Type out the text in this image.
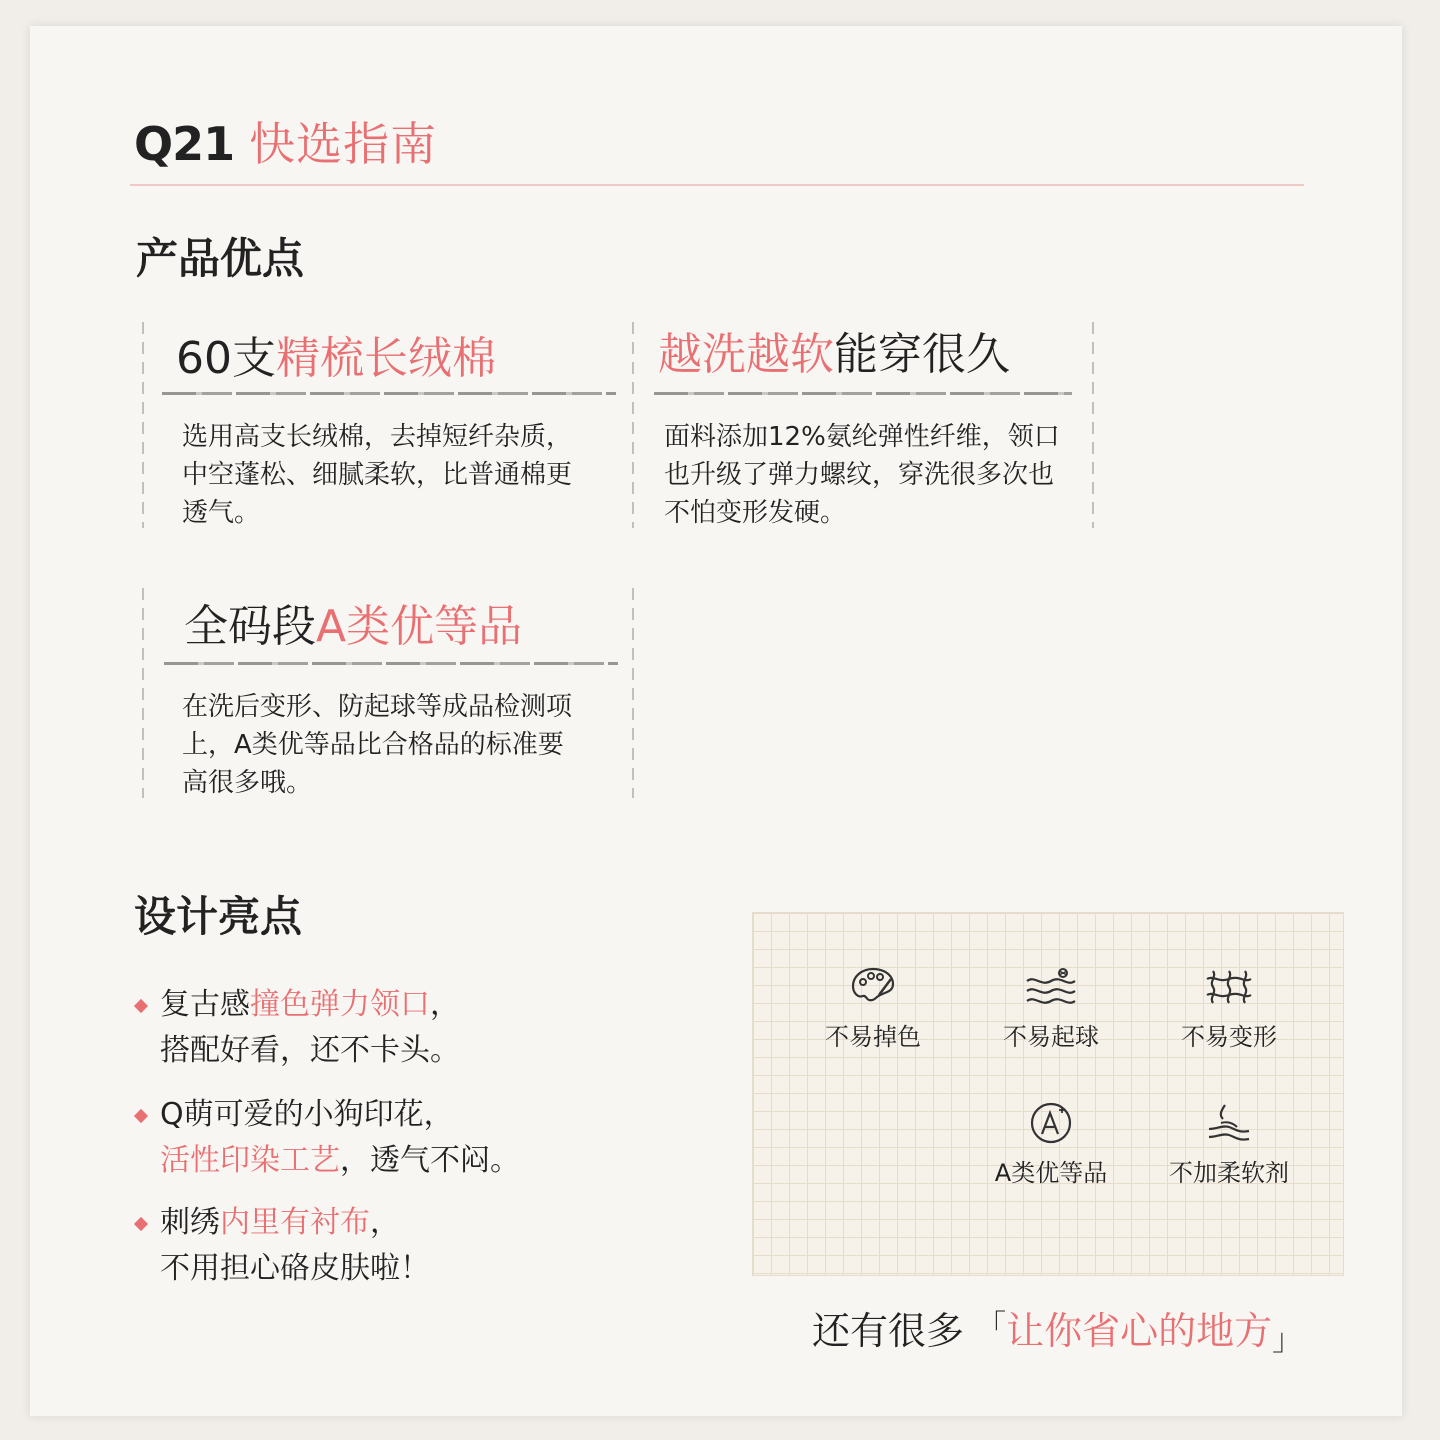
Q21 快选指南
产品优点
60支精梳长绒棉
选用高支长绒棉，去掉短纤杂质，中空蓬松、细腻柔软，比普通棉更透气。
越洗越软能穿很久
面料添加12%氨纶弹性纤维，领口也升级了弹力螺纹，穿洗很多次也不怕变形发硬。
全码段A类优等品
在洗后变形、防起球等成品检测项上，A类优等品比合格品的标准要高很多哦。
设计亮点
复古感撞色弹力领口，
搭配好看，还不卡头。
Q萌可爱的小狗印花，
活性印染工艺，透气不闷。
刺绣内里有衬布，
不用担心硌皮肤啦！
不易掉色	不易起球	不易变形
A类优等品	不加柔软剂
还有很多 「让你省心的地方」
